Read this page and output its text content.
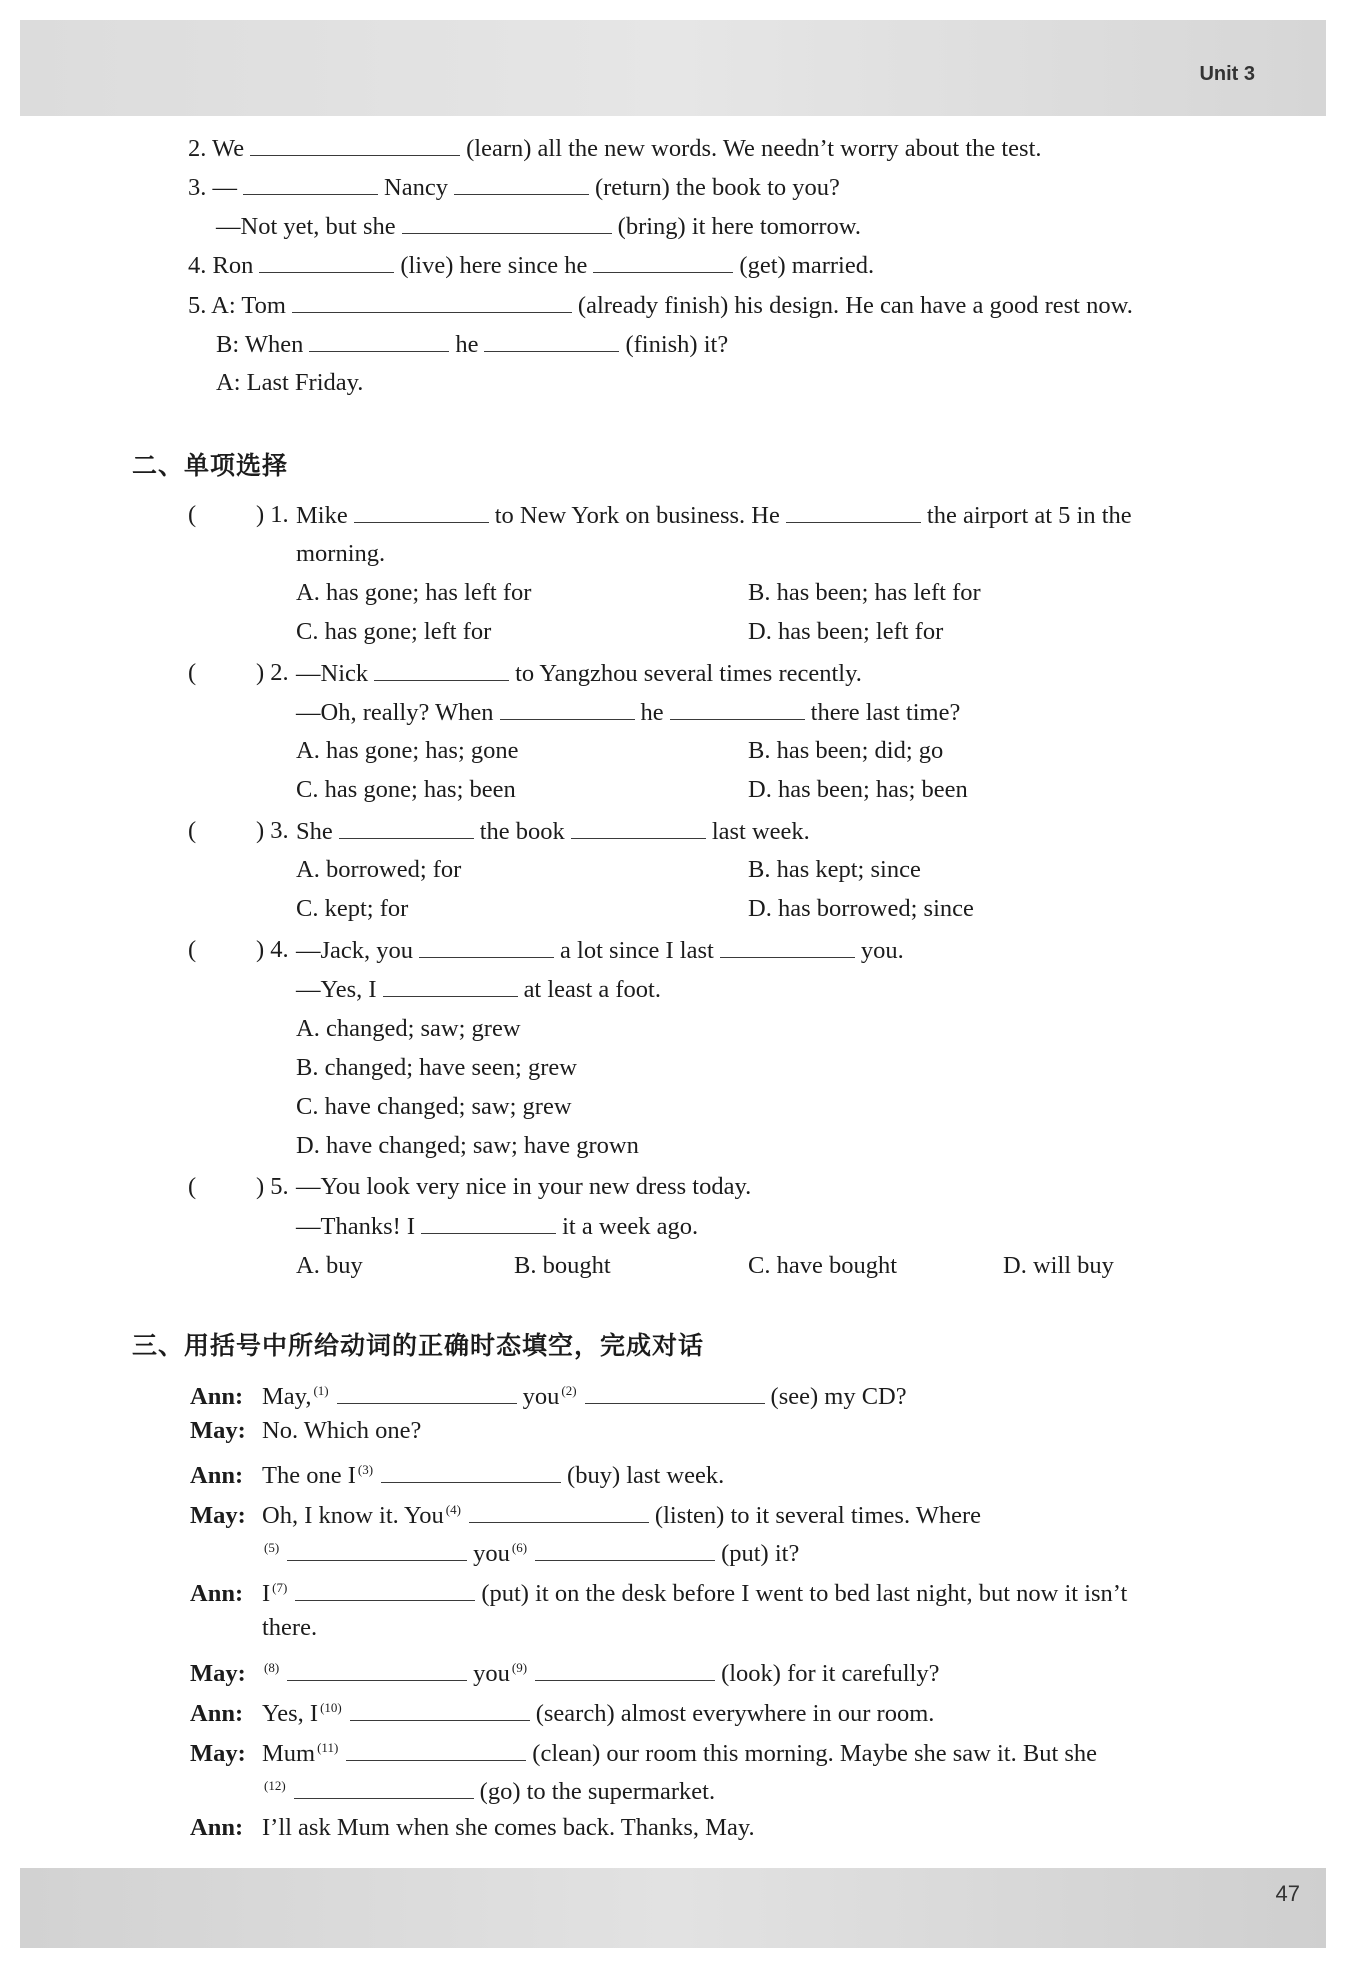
Unit 3
2. We	(learn) all the new words. We needn’t worry about the test.
3. —	Nancy	(return) the book to you?
—Not yet, but she	(bring) it here tomorrow.
4. Ron	(live) here since he	(get) married.
5. A: Tom	(already finish) his design. He can have a good rest now.
B: When	he	(finish) it?
A: Last Friday.
二、单项选择
( ) 1. Mike	to New York on business. He	the airport at 5 in the
morning.
A. has gone; has left for	B. has been; has left for
C. has gone; left for	D. has been; left for
( ) 2. —Nick	to Yangzhou several times recently.
—Oh, really? When	he	there last time?
A. has gone; has; gone	B. has been; did; go
C. has gone; has; been	D. has been; has; been
( ) 3. She	the book	last week.
A. borrowed; for	B. has kept; since
C. kept; for	D. has borrowed; since
( ) 4. —Jack, you	a lot since I last	you.
—Yes, I	at least a foot.
A. changed; saw; grew
B. changed; have seen; grew
C. have changed; saw; grew
D. have changed; saw; have grown
( ) 5. —You look very nice in your new dress today.
—Thanks! I	it a week ago.
A. buy	B. bought	C. have bought	D. will buy
三、用括号中所给动词的正确时态填空，完成对话
Ann: May, $^{(1)}$	you $^{(2)}$	(see) my CD?
May: No. Which one?
Ann: The one I $^{(3)}$	(buy) last week.
May: Oh, I know it. You $^{(4)}$	(listen) to it several times. Where
$^{(5)}$	you $^{(6)}$	(put) it?
Ann: I $^{(7)}$	(put) it on the desk before I went to bed last night, but now it isn’t
there.
May: $^{(8)}$	you $^{(9)}$	(look) for it carefully?
Ann: Yes, I $^{(10)}$	(search) almost everywhere in our room.
May: Mum $^{(11)}$	(clean) our room this morning. Maybe she saw it. But she
$^{(12)}$	(go) to the supermarket.
Ann: I’ll ask Mum when she comes back. Thanks, May.
47
